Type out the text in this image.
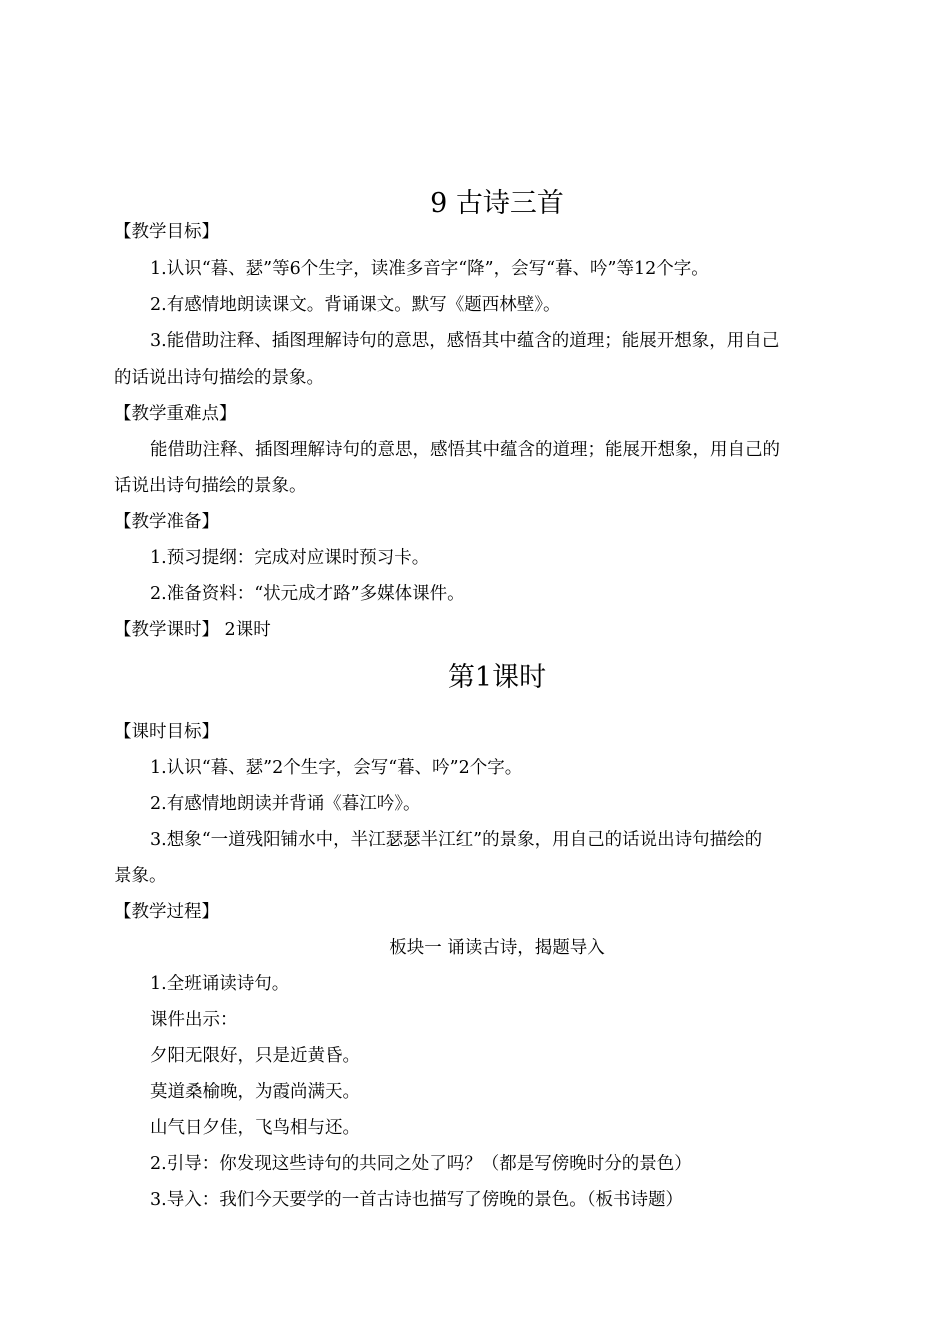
9 古诗三首
【教学目标】
1.认识“暮、瑟”等6个生字，读准多音字“降”，会写“暮、吟”等12个字。
2.有感情地朗读课文。背诵课文。默写《题西林壁》。
3.能借助注释、插图理解诗句的意思，感悟其中蕴含的道理；能展开想象，用自己
的话说出诗句描绘的景象。
【教学重难点】
能借助注释、插图理解诗句的意思，感悟其中蕴含的道理；能展开想象，用自己的
话说出诗句描绘的景象。
【教学准备】
1.预习提纲：完成对应课时预习卡。
2.准备资料：“状元成才路”多媒体课件。
【教学课时】 2课时
第1课时
【课时目标】
1.认识“暮、瑟”2个生字，会写“暮、吟”2个字。
2.有感情地朗读并背诵《暮江吟》。
3.想象“一道残阳铺水中，半江瑟瑟半江红”的景象，用自己的话说出诗句描绘的
景象。
【教学过程】
板块一 诵读古诗，揭题导入
1.全班诵读诗句。
课件出示：
夕阳无限好，只是近黄昏。
莫道桑榆晚，为霞尚满天。
山气日夕佳，飞鸟相与还。
2.引导：你发现这些诗句的共同之处了吗？（都是写傍晚时分的景色）
3.导入：我们今天要学的一首古诗也描写了傍晚的景色。（板书诗题）
